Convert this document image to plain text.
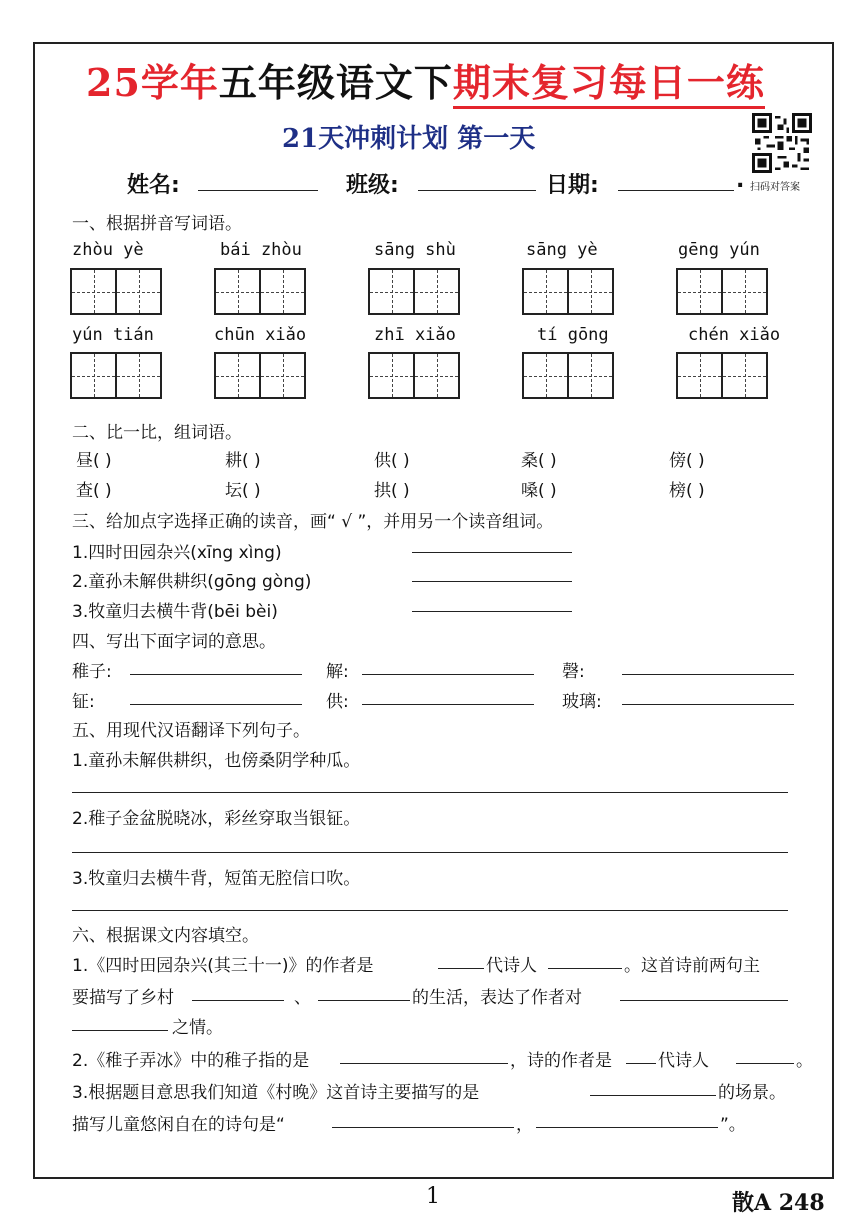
25学年五年级语文下期末复习每日一练
21天冲刺计划 第一天
扫码对答案
姓名:	班级:	日期:	.
一、根据拼音写词语。
zhòu yè	bái zhòu	sāng shù	sāng yè	gēng yún
yún tián	chūn xiǎo	zhī xiǎo	tí gōng	chén xiǎo
二、比一比，组词语。
昼( )	耕( )	供( )	桑( )	傍( )
查( )	坛( )	拱( )	嗓( )	榜( )
三、给加点字选择正确的读音，画“ √ ”，并用另一个读音组词。
1.四时田园杂兴(xīng xìng)
2.童孙未解供耕织(gōng gòng)
3.牧童归去横牛背(bēi bèi)
四、写出下面字词的意思。
稚子:	解:	磬:
钲:	供:	玻璃:
五、用现代汉语翻译下列句子。
1.童孙未解供耕织，也傍桑阴学种瓜。
2.稚子金盆脱晓冰，彩丝穿取当银钲。
3.牧童归去横牛背，短笛无腔信口吹。
六、根据课文内容填空。
1.《四时田园杂兴(其三十一)》的作者是	代诗人	。这首诗前两句主
要描写了乡村	、	的生活，表达了作者对
之情。
2.《稚子弄冰》中的稚子指的是	，诗的作者是	代诗人	。
3.根据题目意思我们知道《村晚》这首诗主要描写的是	的场景。
描写儿童悠闲自在的诗句是“	，	”。
1	散A 248
